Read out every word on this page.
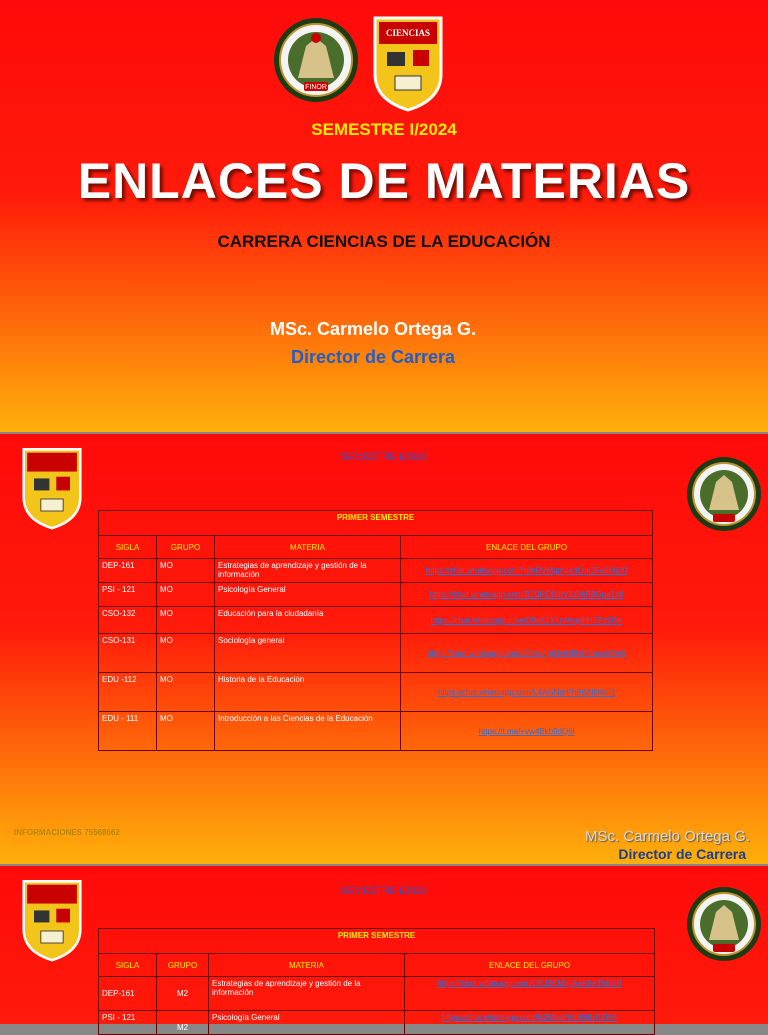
FINOR
CIENCIAS
SEMESTRE I/2024
ENLACES DE MATERIAS
CARRERA CIENCIAS DE LA EDUCACIÓN
MSc. Carmelo Ortega G.
Director de Carrera
SEMESTRE I/2024
PRIMER SEMESTRE			
SIGLA	GRUPO	MATERIA	ENLACE DEL GRUPO
DEP-161	MO	Estrategias de aprendizaje y gestión de la información	https://chat.whatsapp.com/H8hRVMgmp4nLhk2Fa6MoXf
PSI - 121	MO	Psicología General	https://chat.whatsapp.com/BZ0RCBdtV3z9kR6Gpa1x8
CSO-132	MO	Educación para la ciudadanía	https://chat.whatsapp.com/D9vK1Y1nNwg8fHEPz5t9k
CSO-131	MO	Sociología general	https://chat.whatsapp.com/C5Vd4p8JwHf8vb6mcsW4v9
EDU -112	MO	Historia de la Educación	https://chat.whatsapp.com/L4AGNdrPhB6iNk6kn3
EDU - 111	MO	Introducción a las Ciencias de la Educación	https://t.me/+vw4Bkb9dQ6l
INFORMACIONES 75568662	MSc. Carmelo Ortega G.
Director de Carrera
SEMESTRE I/2024
PRIMER SEMESTRE			
SIGLA	GRUPO	MATERIA	ENLACE DEL GRUPO
DEP-161	M2	Estrategias de aprendizaje y gestión de la información	https://chat.whatsapp.com/DEJ2KMhyAeKheTh6GB
PSI - 121	M2	Psicología General	https://chat.whatsapp.com/N2MesPkhBNBrFZRH
